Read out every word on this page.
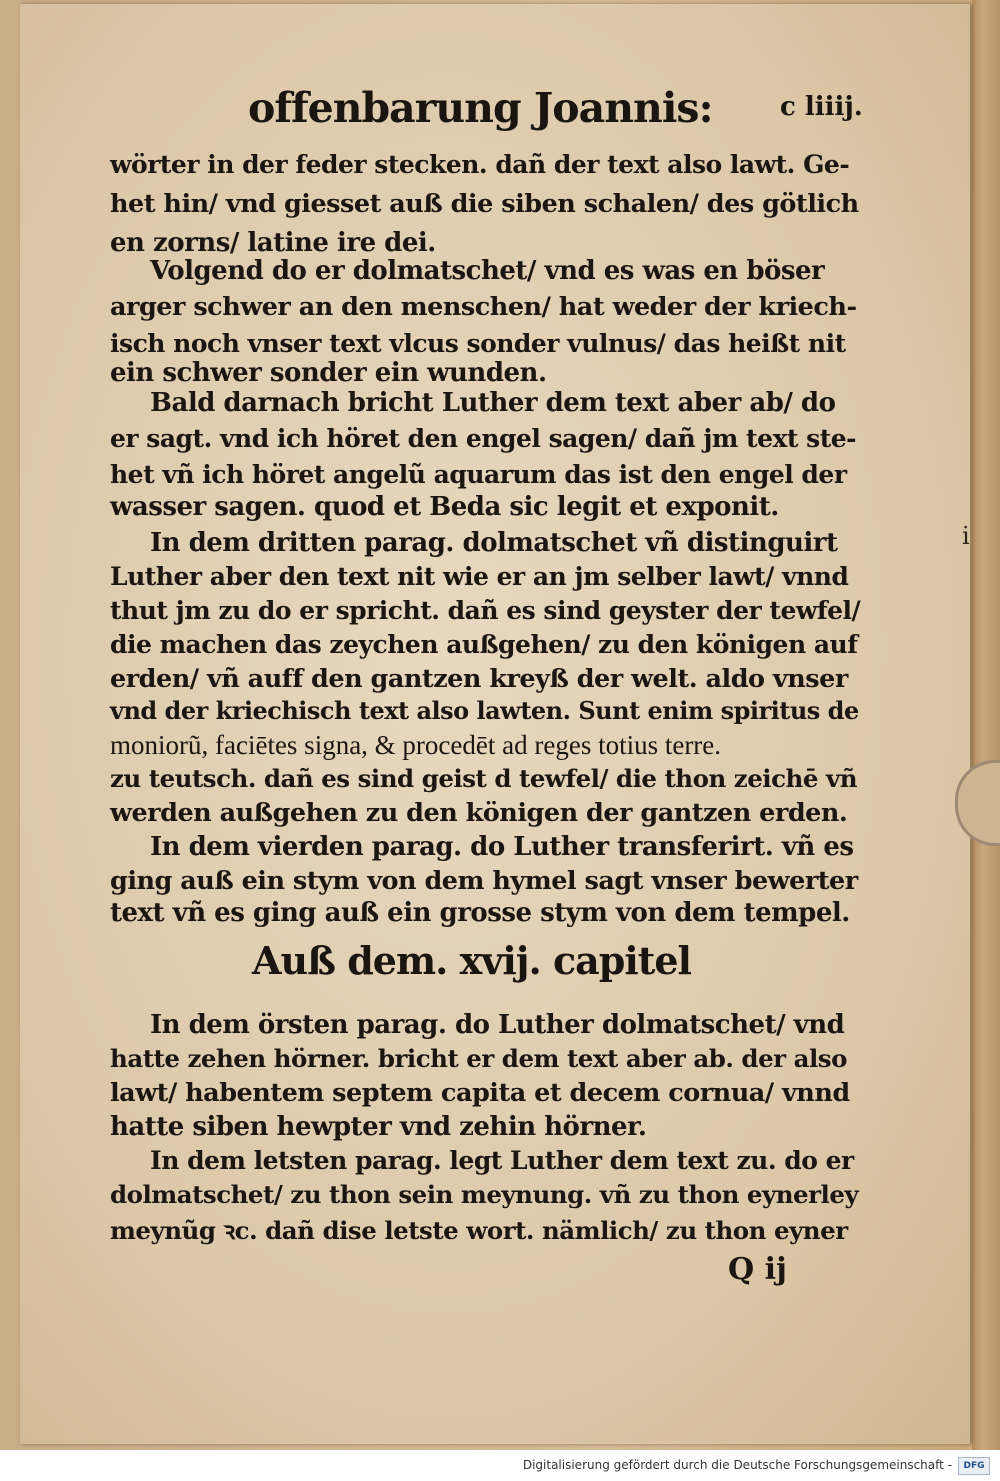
offenbarung Joannis:	c liiij.
wörter in der feder stecken. dañ der text also lawt. Ge-
het hin/ vnd giesset auß die siben schalen/ des götlich
en zorns/ latine ire dei.
Volgend do er dolmatschet/ vnd es was en böser
arger schwer an den menschen/ hat weder der kriech-
isch noch vnser text vlcus sonder vulnus/ das heißt nit
ein schwer sonder ein wunden.
Bald darnach bricht Luther dem text aber ab/ do
er sagt. vnd ich höret den engel sagen/ dañ jm text ste-
het vñ ich höret angelũ aquarum das ist den engel der
wasser sagen. quod et Beda sic legit et exponit.
In dem dritten parag. dolmatschet vñ distinguirt
Luther aber den text nit wie er an jm selber lawt/ vnnd
thut jm zu do er spricht. dañ es sind geyster der tewfel/
die machen das zeychen außgehen/ zu den königen auf
erden/ vñ auff den gantzen kreyß der welt. aldo vnser
vnd der kriechisch text also lawten. Sunt enim spiritus de
moniorũ, faciētes signa, & procedēt ad reges totius terre.
zu teutsch. dañ es sind geist d tewfel/ die thon zeichē vñ
werden außgehen zu den königen der gantzen erden.
In dem vierden parag. do Luther transferirt. vñ es
ging auß ein stym von dem hymel sagt vnser bewerter
text vñ es ging auß ein grosse stym von dem tempel.
Auß dem. xvij. capitel
In dem örsten parag. do Luther dolmatschet/ vnd
hatte zehen hörner. bricht er dem text aber ab. der also
lawt/ habentem septem capita et decem cornua/ vnnd
hatte siben hewpter vnd zehin hörner.
In dem letsten parag. legt Luther dem text zu. do er
dolmatschet/ zu thon sein meynung. vñ zu thon eynerley
meynũg ꝛc. dañ dise letste wort. nämlich/ zu thon eyner
Q ij
i
Digitalisierung gefördert durch die Deutsche Forschungsgemeinschaft -	DFG
